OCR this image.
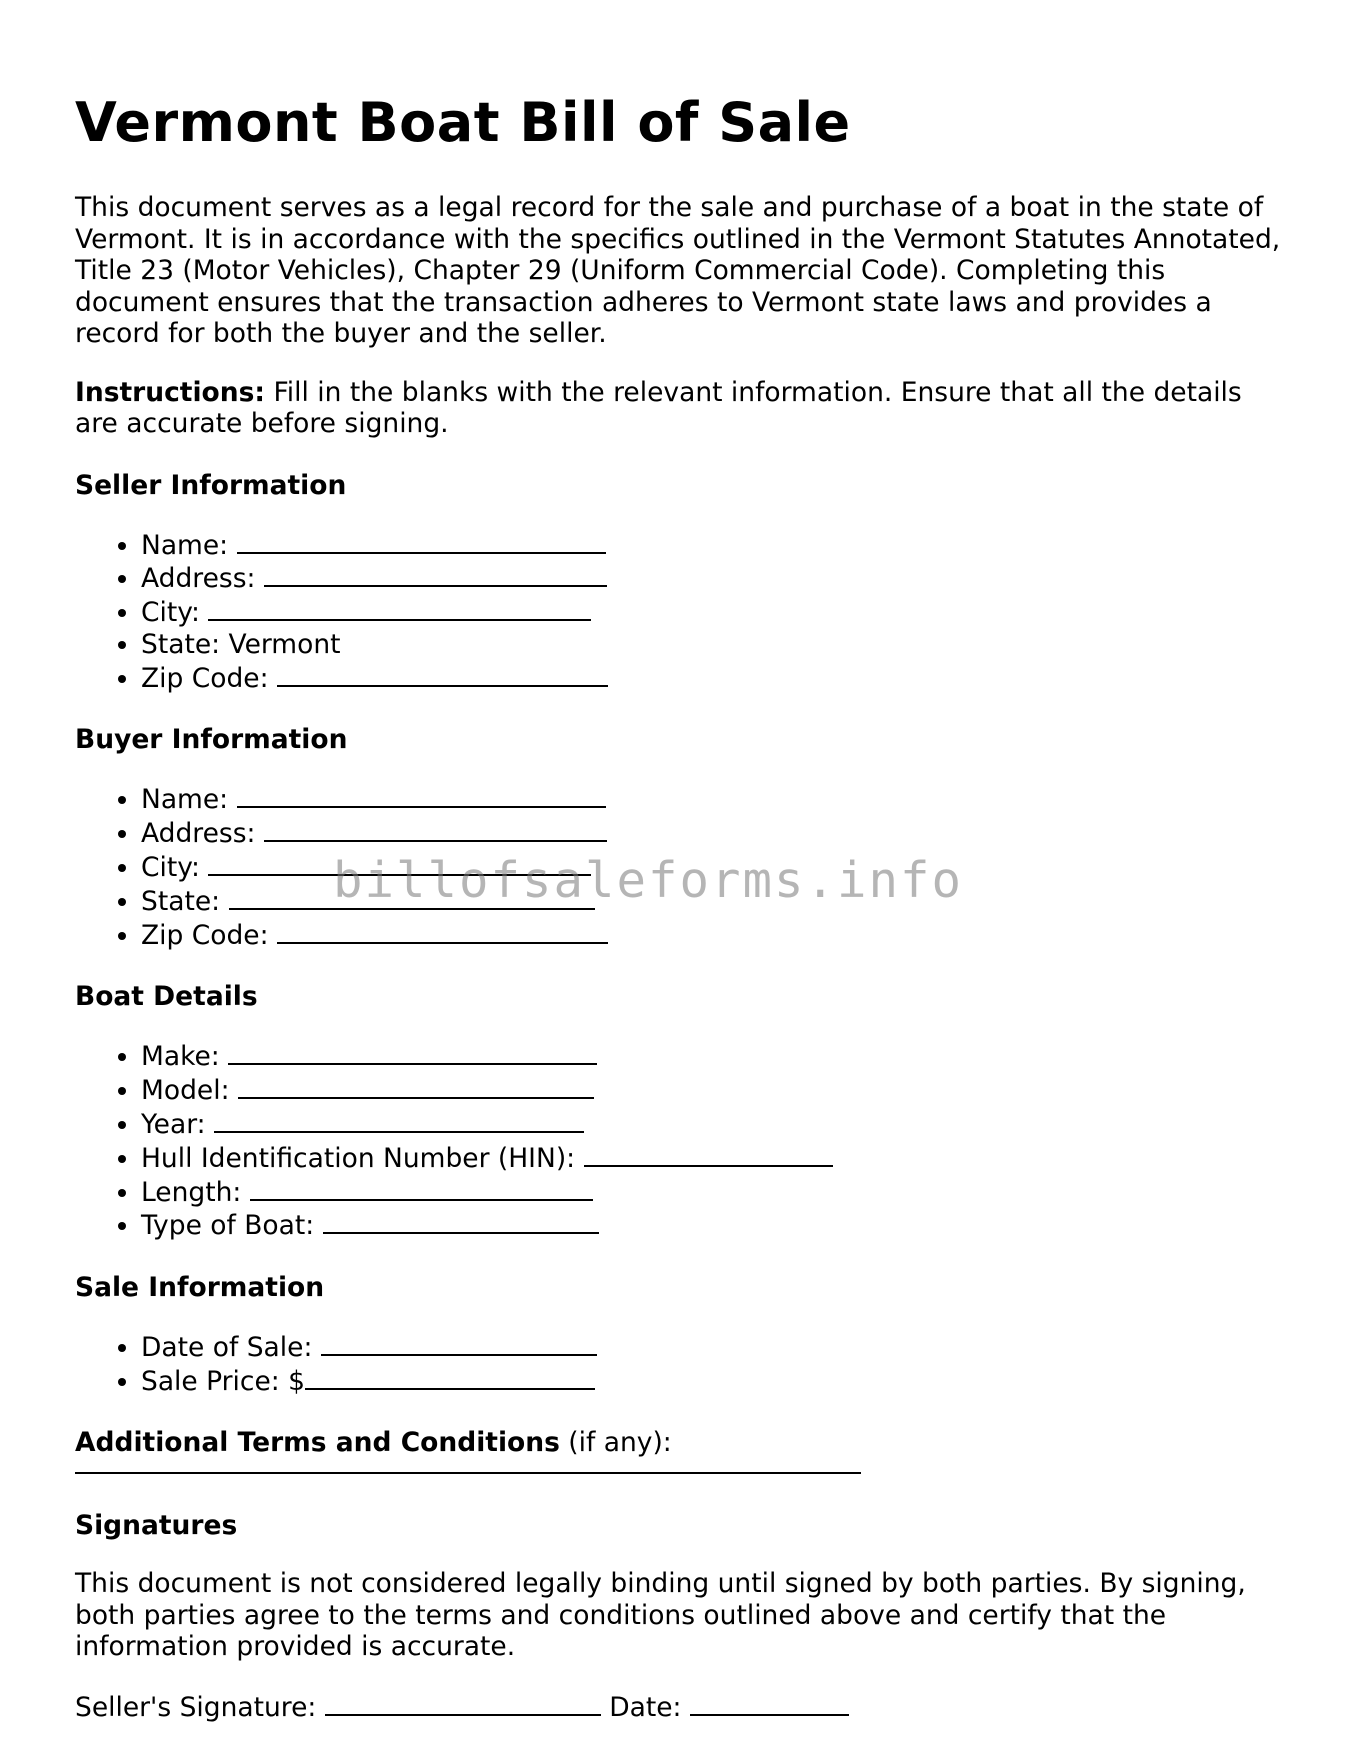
Vermont Boat Bill of Sale

This document serves as a legal record for the sale and purchase of a boat in the state of Vermont. It is in accordance with the specifics outlined in the Vermont Statutes Annotated, Title 23 (Motor Vehicles), Chapter 29 (Uniform Commercial Code). Completing this document ensures that the transaction adheres to Vermont state laws and provides a record for both the buyer and the seller.

Instructions: Fill in the blanks with the relevant information. Ensure that all the details are accurate before signing.

Seller Information
• Name:
• Address:
• City:
• State: Vermont
• Zip Code:
Buyer Information
• Name:
• Address:
• City:
• State:
• Zip Code:
Boat Details
• Make:
• Model:
• Year:
• Hull Identification Number (HIN):
• Length:
• Type of Boat:
Sale Information
• Date of Sale:
• Sale Price: $

Additional Terms and Conditions (if any):

Signatures

This document is not considered legally binding until signed by both parties. By signing, both parties agree to the terms and conditions outlined above and certify that the information provided is accurate.

Seller's Signature:	Date:

billofsaleforms.info
